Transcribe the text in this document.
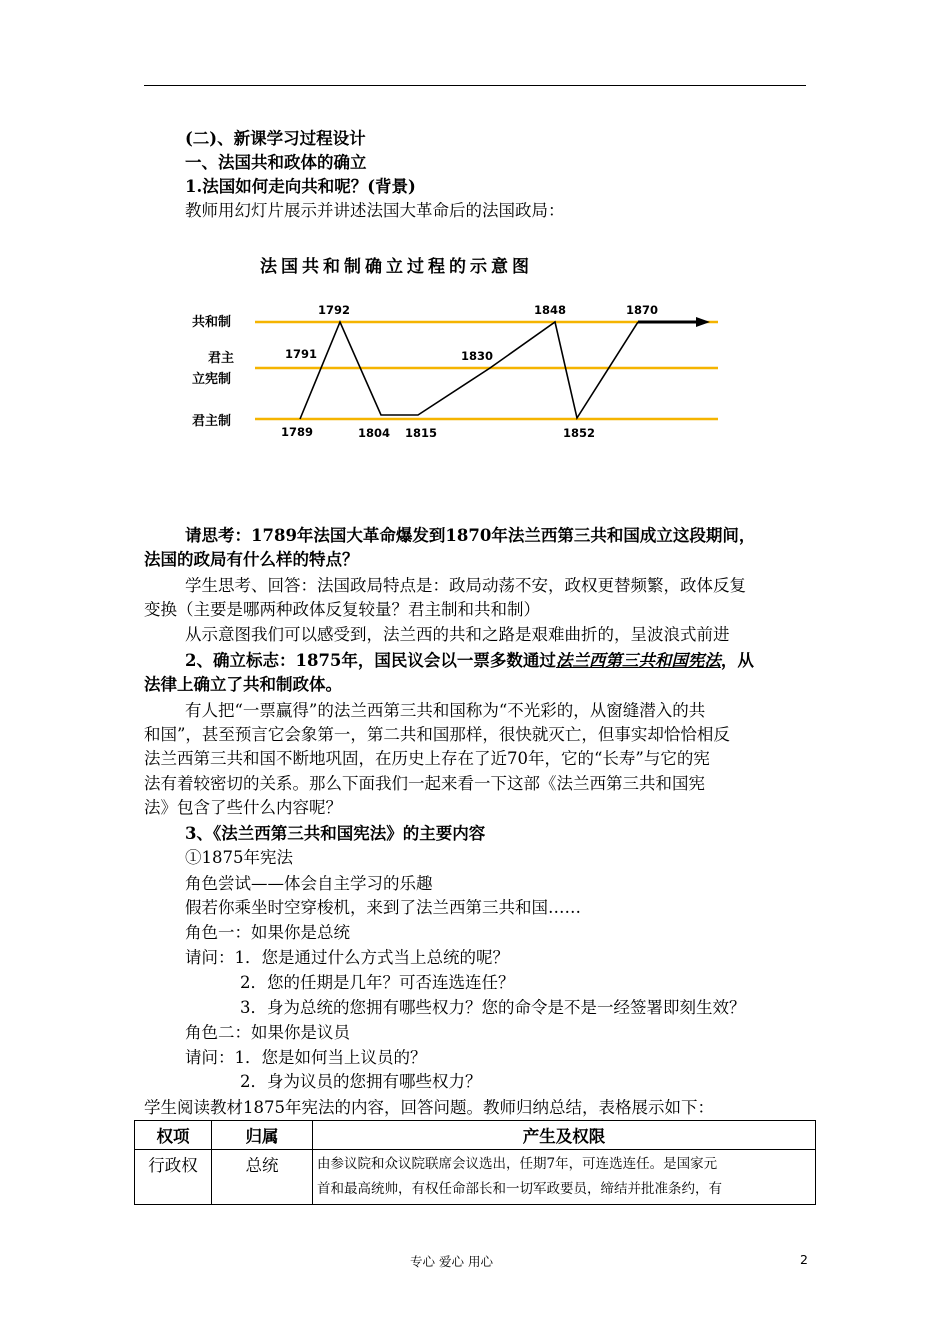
(二)、新课学习过程设计
一、法国共和政体的确立
1.法国如何走向共和呢？(背景)
教师用幻灯片展示并讲述法国大革命后的法国政局：
法国共和制确立过程的示意图
共和制
君主
立宪制
君主制
1792	1848	1870
1791	1830
1789	1804 1815	1852
请思考：1789年法国大革命爆发到1870年法兰西第三共和国成立这段期间，
法国的政局有什么样的特点？
学生思考、回答：法国政局特点是：政局动荡不安，政权更替频繁，政体反复
变换（主要是哪两种政体反复较量？君主制和共和制）
从示意图我们可以感受到，法兰西的共和之路是艰难曲折的，呈波浪式前进
2、确立标志：1875年，国民议会以一票多数通过法兰西第三共和国宪法，从
法律上确立了共和制政体。
有人把“一票赢得”的法兰西第三共和国称为“不光彩的，从窗缝潜入的共
和国”，甚至预言它会象第一，第二共和国那样，很快就灭亡，但事实却恰恰相反
法兰西第三共和国不断地巩固，在历史上存在了近70年，它的“长寿”与它的宪
法有着较密切的关系。那么下面我们一起来看一下这部《法兰西第三共和国宪
法》包含了些什么内容呢？
3、《法兰西第三共和国宪法》的主要内容
①1875年宪法
角色尝试——体会自主学习的乐趣
假若你乘坐时空穿梭机，来到了法兰西第三共和国……
角色一：如果你是总统
请问：1．您是通过什么方式当上总统的呢？
2．您的任期是几年？可否连选连任？
3．身为总统的您拥有哪些权力？您的命令是不是一经签署即刻生效？
角色二：如果你是议员
请问：1．您是如何当上议员的？
2．身为议员的您拥有哪些权力？
学生阅读教材1875年宪法的内容，回答问题。教师归纳总结，表格展示如下：
权项	归属	产生及权限
行政权	总统	由参议院和众议院联席会议选出，任期7年，可连选连任。是国家元
首和最高统帅，有权任命部长和一切军政要员，缔结并批准条约，有
专心 爱心 用心	2
